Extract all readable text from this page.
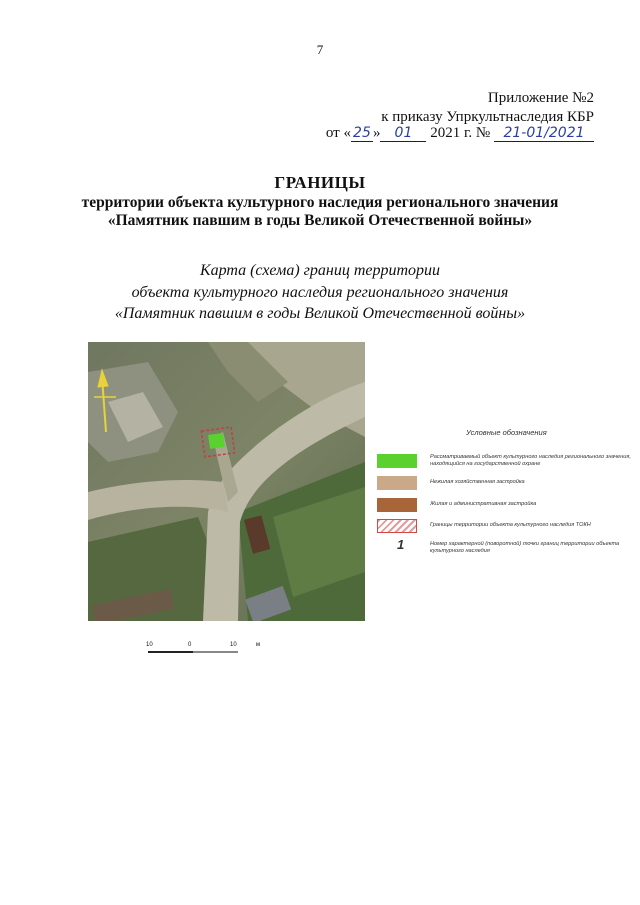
7
Приложение №2
к приказу Упркультнаследия КБР
от « 25 » 01 2021 г. № 21-01/2021
ГРАНИЦЫ
территории объекта культурного наследия регионального значения
«Памятник павшим в годы Великой Отечественной войны»
Карта (схема) границ территории
объекта культурного наследия регионального значения
«Памятник павшим в годы Великой Отечественной войны»
Условные обозначения
Рассматриваемый объект культурного наследия регионального значения, находящийся на государственной охране
Нежилая хозяйственная застройка
Жилая и административная застройка
Границы территории объекта культурного наследия ТОКН
1	Номер характерной (поворотной) точки границ территории объекта культурного наследия
10	0	10	м
